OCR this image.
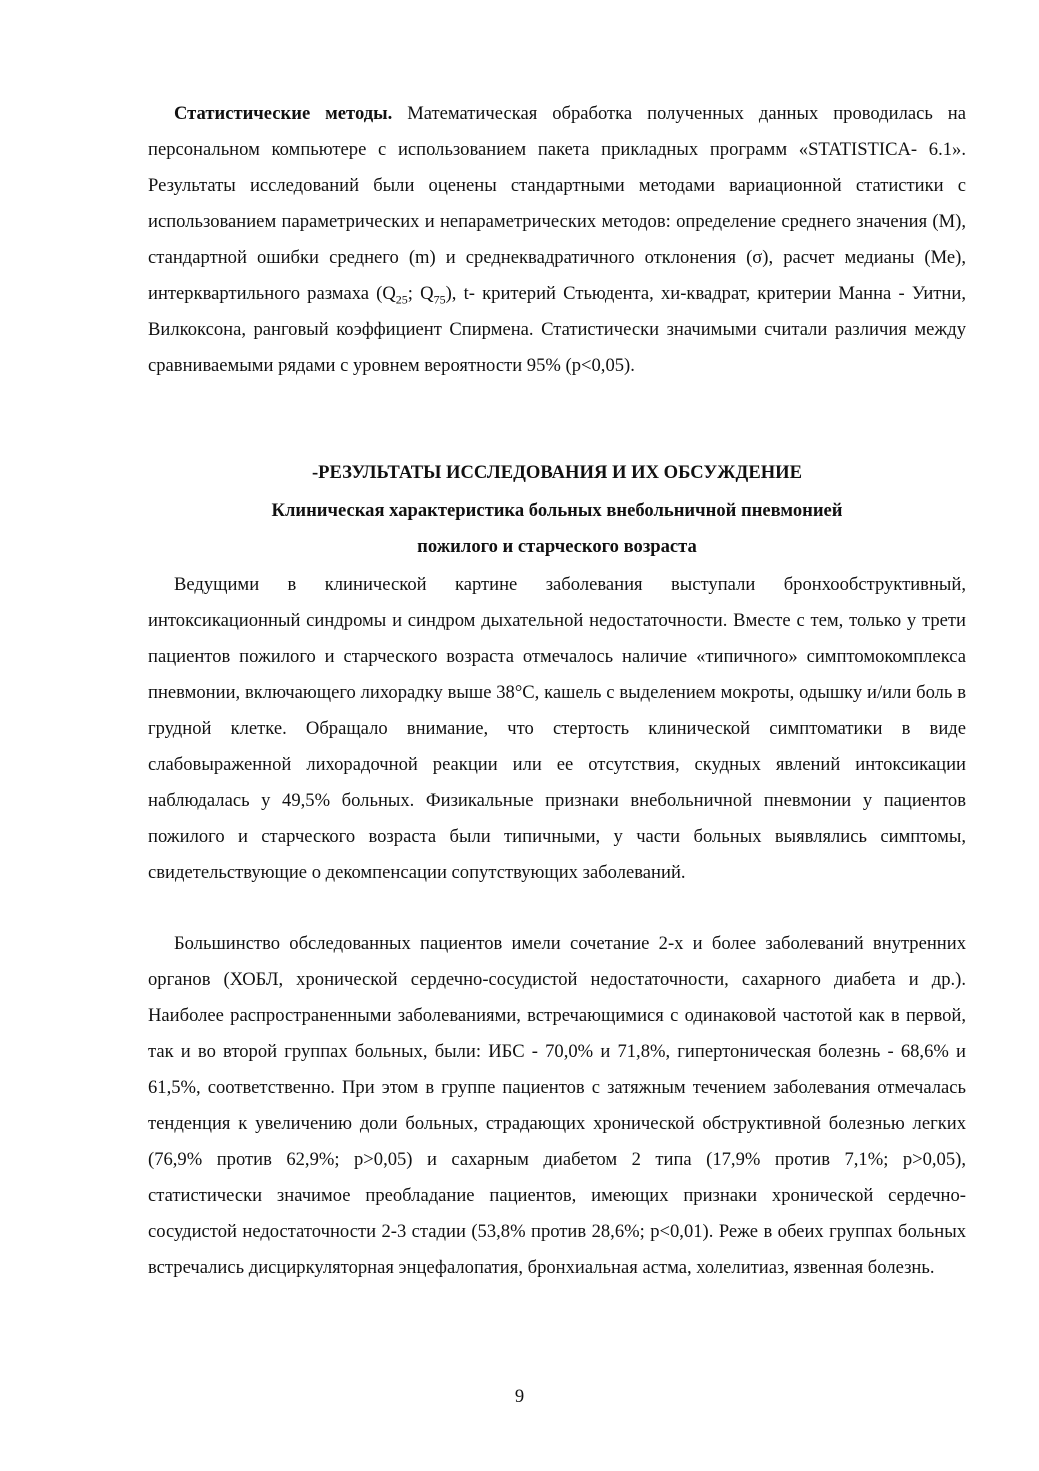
Статистические методы. Математическая обработка полученных данных проводилась на персональном компьютере с использованием пакета прикладных программ «STATISTICA- 6.1». Результаты исследований были оценены стандартными методами вариационной статистики с использованием параметрических и непараметрических методов: определение среднего значения (М), стандартной ошибки среднего (m) и среднеквадратичного отклонения (σ), расчет медианы (Ме), интерквартильного размаха ($Q_{25}$; $Q_{75}$), t- критерий Стьюдента, хи-квадрат, критерии Манна - Уитни, Вилкоксона, ранговый коэффициент Спирмена. Статистически значимыми считали различия между сравниваемыми рядами с уровнем вероятности 95% (р<0,05).

-РЕЗУЛЬТАТЫ ИССЛЕДОВАНИЯ И ИХ ОБСУЖДЕНИЕ
Клиническая характеристика больных внебольничной пневмонией
пожилого и старческого возраста

Ведущими в клинической картине заболевания выступали бронхообструктивный, интоксикационный синдромы и синдром дыхательной недостаточности. Вместе с тем, только у трети пациентов пожилого и старческого возраста отмечалось наличие «типичного» симптомокомплекса пневмонии, включающего лихорадку выше 38°С, кашель с выделением мокроты, одышку и/или боль в грудной клетке. Обращало внимание, что стертость клинической симптоматики в виде слабовыраженной лихорадочной реакции или ее отсутствия, скудных явлений интоксикации наблюдалась у 49,5% больных. Физикальные признаки внебольничной пневмонии у пациентов пожилого и старческого возраста были типичными, у части больных выявлялись симптомы, свидетельствующие о декомпенсации сопутствующих заболеваний.

Большинство обследованных пациентов имели сочетание 2-х и более заболеваний внутренних органов (ХОБЛ, хронической сердечно-сосудистой недостаточности, сахарного диабета и др.). Наиболее распространенными заболеваниями, встречающимися с одинаковой частотой как в первой, так и во второй группах больных, были: ИБС - 70,0% и 71,8%, гипертоническая болезнь - 68,6% и 61,5%, соответственно. При этом в группе пациентов с затяжным течением заболевания отмечалась тенденция к увеличению доли больных, страдающих хронической обструктивной болезнью легких (76,9% против 62,9%; р>0,05) и сахарным диабетом 2 типа (17,9% против 7,1%; р>0,05), статистически значимое преобладание пациентов, имеющих признаки хронической сердечно-сосудистой недостаточности 2-3 стадии (53,8% против 28,6%; р<0,01). Реже в обеих группах больных встречались дисциркуляторная энцефалопатия, бронхиальная астма, холелитиаз, язвенная болезнь.

9
